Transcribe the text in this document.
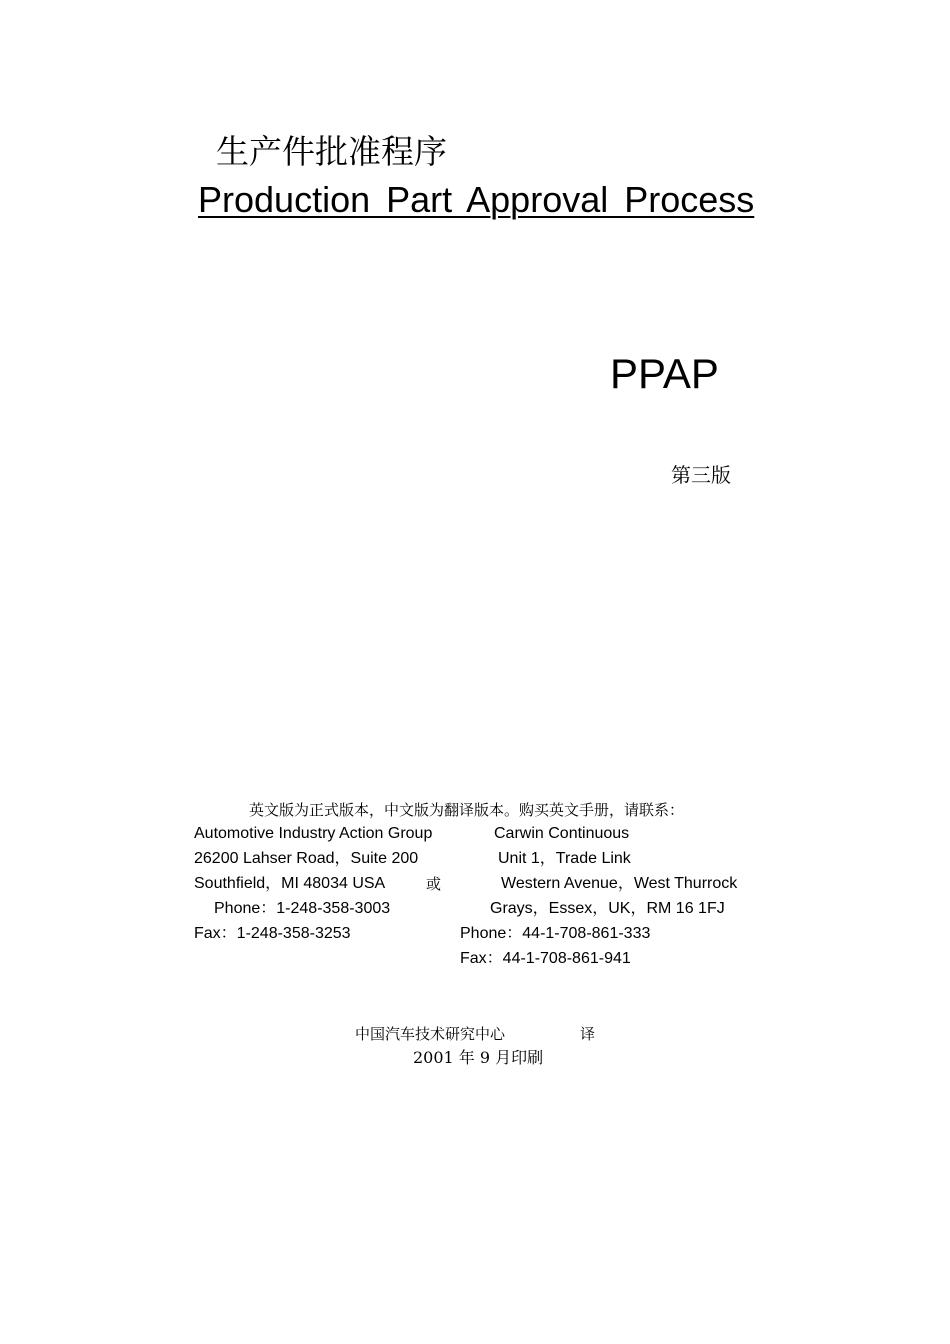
生产件批准程序
Production Part Approval Process
PPAP
第三版
英文版为正式版本，中文版为翻译版本。购买英文手册，请联系：
Automotive Industry Action Group
26200 Lahser Road，Suite 200
Southfield，MI 48034 USA
Phone：1-248-358-3003
Fax：1-248-358-3253
或
Carwin Continuous
Unit 1，Trade Link
Western Avenue，West Thurrock
Grays，Essex，UK，RM 16 1FJ
Phone：44-1-708-861-333
Fax：44-1-708-861-941
中国汽车技术研究中心	译
2001 年 9 月印刷
